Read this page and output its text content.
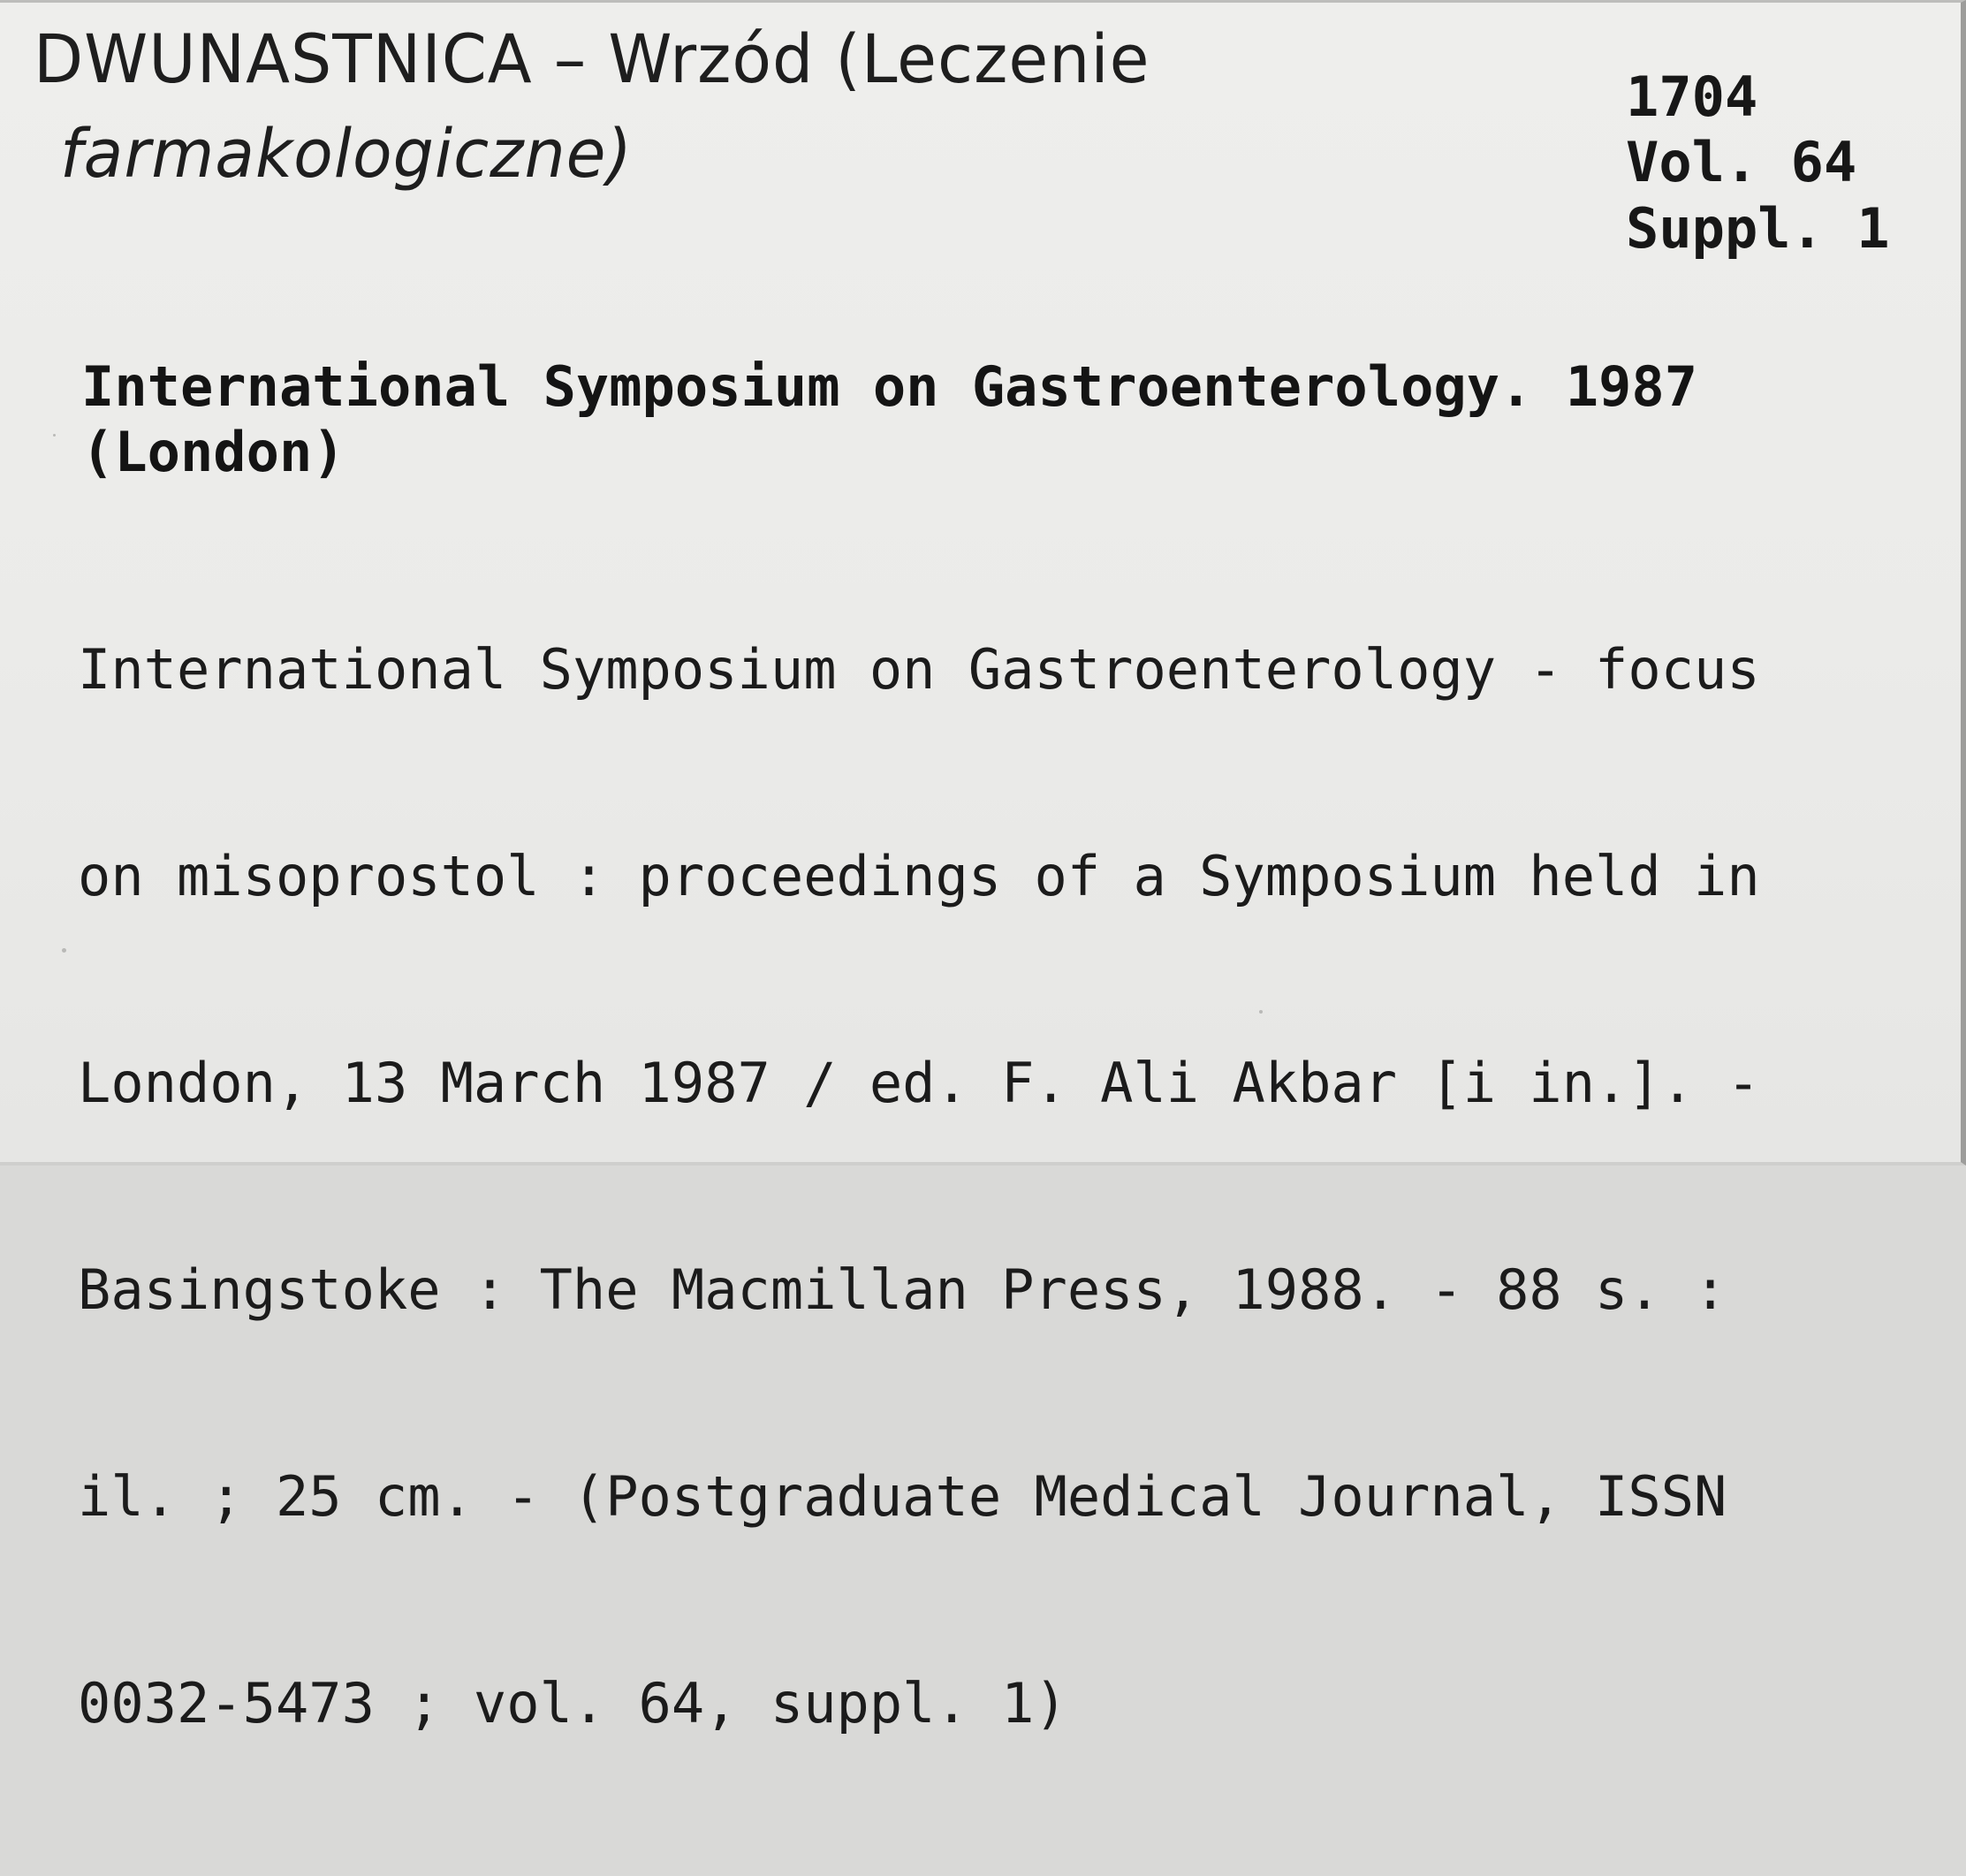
DWUNASTNICA – Wrzód (Leczenie
farmakologiczne)
1704
Vol. 64
Suppl. 1
International Symposium on Gastroenterology. 1987
(London)

International Symposium on Gastroenterology - focus

on misoprostol : proceedings of a Symposium held in

London, 13 March 1987 / ed. F. Ali Akbar [i in.]. -

Basingstoke : The Macmillan Press, 1988. - 88 s. :

il. ; 25 cm. - (Postgraduate Medical Journal, ISSN

0032-5473 ; vol. 64, suppl. 1)
